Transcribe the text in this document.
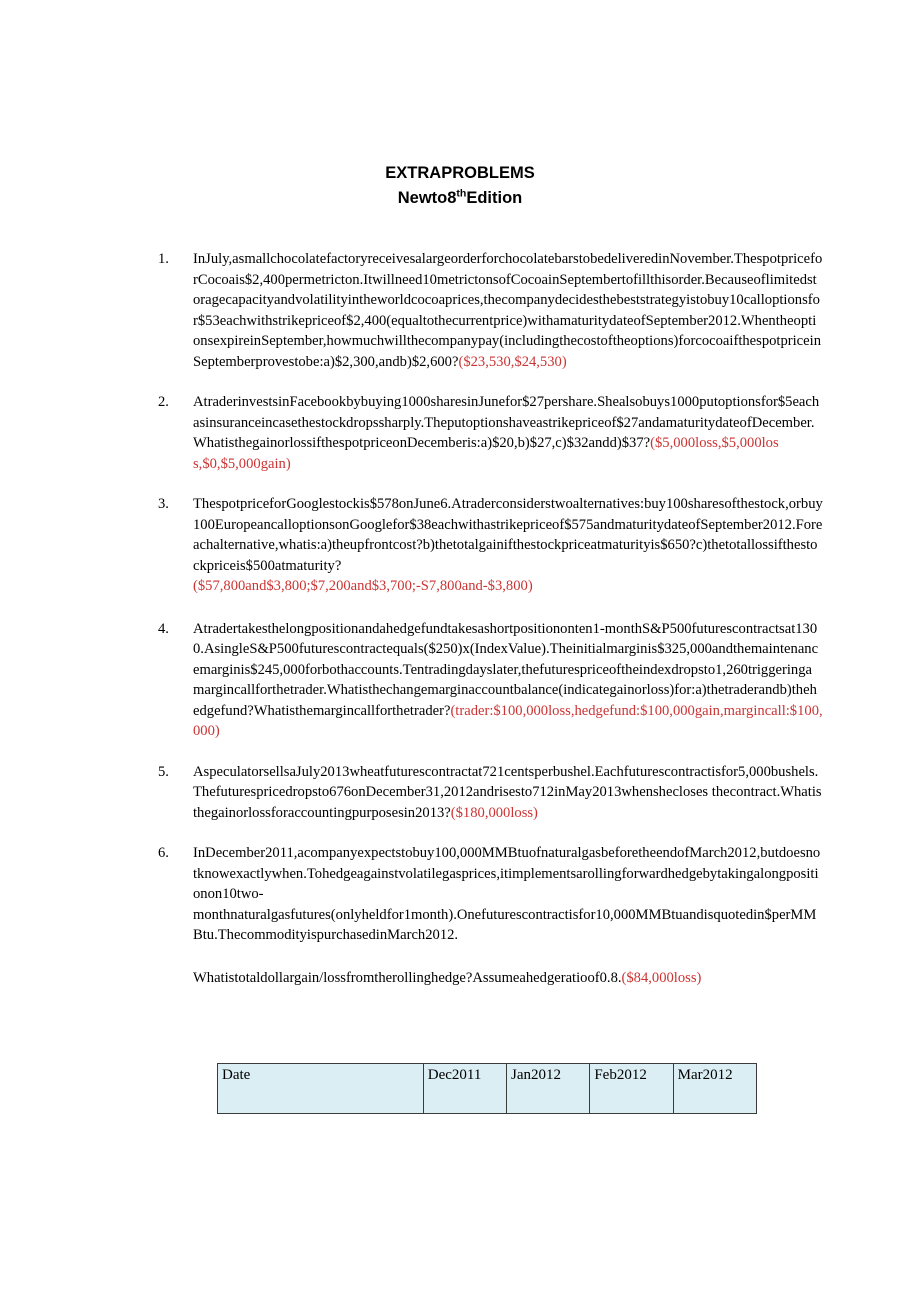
EXTRAPROBLEMS
Newto8thEdition
1.	InJuly,asmallchocolatefactoryreceivesalargeorderforchocolatebarstobedeliveredinNovember.ThespotpriceforCocoais$2,400permetricton.Itwillneed10metrictonsofCocoainSeptembertofillthisorder.Becauseoflimitedstoragecapacityandvolatilityintheworldcocoaprices,thecompanydecidesthebeststrategyistobuy10calloptionsfor$53eachwithstrikepriceof$2,400(equaltothecurrentprice)withamaturitydateofSeptember2012.WhentheoptionsexpireinSeptember,howmuchwillthecompanypay(includingthecostoftheoptions)forcocoaifthespotpriceinSeptemberprovestobe:a)$2,300,andb)$2,600?($23,530,$24,530)
2.	AtraderinvestsinFacebookbybuying1000sharesinJunefor$27pershare.Shealsobuys1000putoptionsfor$5eachasinsuranceincasethestockdropssharply.Theputoptionshaveastrikepriceof$27andamaturitydateofDecember.WhatisthegainorlossifthespotpriceonDecemberis:a)$20,b)$27,c)$32andd)$37?($5,000loss,$5,000loss,$0,$5,000gain)
3.	ThespotpriceforGooglestockis$578onJune6.Atraderconsiderstwoalternatives:buy100sharesofthestock,orbuy100EuropeancalloptionsonGooglefor$38eachwithastrikepriceof$575andmaturitydateofSeptember2012.Foreachalternative,whatis:a)theupfrontcost?b)thetotalgainifthestockpriceatmaturityis$650?c)thetotallossifthestockpriceis$500atmaturity?
($57,800and$3,800;$7,200and$3,700;-S7,800and-$3,800)
4.	Atradertakesthelongpositionandahedgefundtakesashortpositiononten1-monthS&P500futurescontractsat1300.AsingleS&P500futurescontractequals($250)x(IndexValue).Theinitialmarginis$325,000andthemaintenancemarginis$245,000forbothaccounts.Tentradingdayslater,thefuturespriceoftheindexdropsto1,260triggeringamargincallforthetrader.Whatisthechangemarginaccountbalance(indicategainorloss)for:a)thetraderandb)thehedgefund?Whatisthemargincallforthetrader?(trader:$100,000loss,hedgefund:$100,000gain,margincall:$100,000)
5.	AspeculatorsellsaJuly2013wheatfuturescontractat721centsperbushel.Eachfuturescontractisfor5,000bushels.Thefuturespricedropsto676onDecember31,2012andrisesto712inMay2013whenshecloses thecontract.Whatisthegainorlossforaccountingpurposesin2013?($180,000loss)
6.	InDecember2011,acompanyexpectstobuy100,000MMBtuofnaturalgasbeforetheendofMarch2012,butdoesnotknowexactlywhen.Tohedgeagainstvolatilegasprices,itimplementsarollingforwardhedgebytakingalongpositionon10two-
monthnaturalgasfutures(onlyheldfor1month).Onefuturescontractisfor10,000MMBtuandisquotedin$perMMBtu.ThecommodityispurchasedinMarch2012.
Whatistotaldollargain/lossfromtherollinghedge?Assumeahedgeratioof0.8.($84,000loss)
Date	Dec2011	Jan2012	Feb2012	Mar2012
